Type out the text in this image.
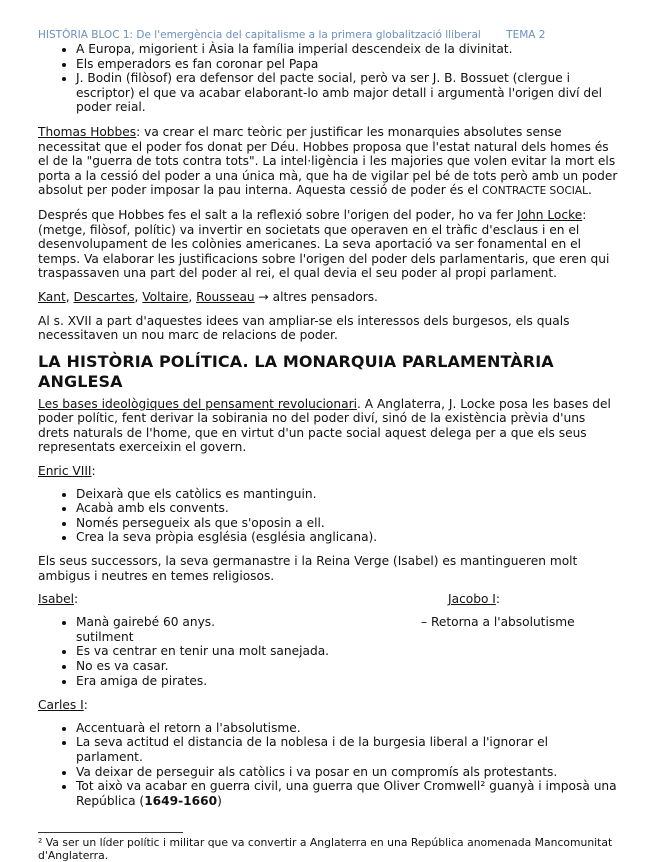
HISTÒRIA BLOC 1: De l'emergència del capitalisme a la primera globalització lliberal TEMA 2
• A Europa, migorient i Àsia la família imperial descendeix de la divinitat.
• Els emperadors es fan coronar pel Papa
• J. Bodin (filòsof) era defensor del pacte social, però va ser J. B. Bossuet (clergue i escriptor) el que va acabar elaborant-lo amb major detall i argumentà l'origen diví del poder reial.

Thomas Hobbes: va crear el marc teòric per justificar les monarquies absolutes sense necessitat que el poder fos donat per Déu. Hobbes proposa que l'estat natural dels homes és el de la "guerra de tots contra tots". La intel·ligència i les majories que volen evitar la mort els porta a la cessió del poder a una única mà, que ha de vigilar pel bé de tots però amb un poder absolut per poder imposar la pau interna. Aquesta cessió de poder és el CONTRACTE SOCIAL.

Després que Hobbes fes el salt a la reflexió sobre l'origen del poder, ho va fer John Locke: (metge, filòsof, polític) va invertir en societats que operaven en el tràfic d'esclaus i en el desenvolupament de les colònies americanes. La seva aportació va ser fonamental en el temps. Va elaborar les justificacions sobre l'origen del poder dels parlamentaris, que eren qui traspassaven una part del poder al rei, el qual devia el seu poder al propi parlament.

Kant, Descartes, Voltaire, Rousseau → altres pensadors.

Al s. XVII a part d'aquestes idees van ampliar-se els interessos dels burgesos, els quals necessitaven un nou marc de relacions de poder.

LA HISTÒRIA POLÍTICA. LA MONARQUIA PARLAMENTÀRIA ANGLESA

Les bases ideològiques del pensament revolucionari. A Anglaterra, J. Locke posa les bases del poder polític, fent derivar la sobirania no del poder diví, sinó de la existència prèvia d'uns drets naturals de l'home, que en virtut d'un pacte social aquest delega per a que els seus representats exerceixin el govern.

Enric VIII:

• Deixarà que els catòlics es mantinguin.
• Acabà amb els convents.
• Només persegueix als que s'oposin a ell.
• Crea la seva pròpia església (església anglicana).

Els seus successors, la seva germanastre i la Reina Verge (Isabel) es mantingueren molt ambigus i neutres en temes religiosos.

Isabel:	Jacobo I:
• Manà gairebé 60 anys.
sutilment
• Es va centrar en tenir una molt sanejada.
• No es va casar.
• Era amiga de pirates.
– Retorna a l'absolutisme

Carles I:

• Accentuarà el retorn a l'absolutisme.
• La seva actitud el distancia de la noblesa i de la burgesia liberal a l'ignorar el parlament.
• Va deixar de perseguir als catòlics i va posar en un compromís als protestants.
• Tot això va acabar en guerra civil, una guerra que Oliver Cromwell² guanyà i imposà una República (1649-1660)

² Va ser un líder polític i militar que va convertir a Anglaterra en una República anomenada Mancomunitat d'Anglaterra.
